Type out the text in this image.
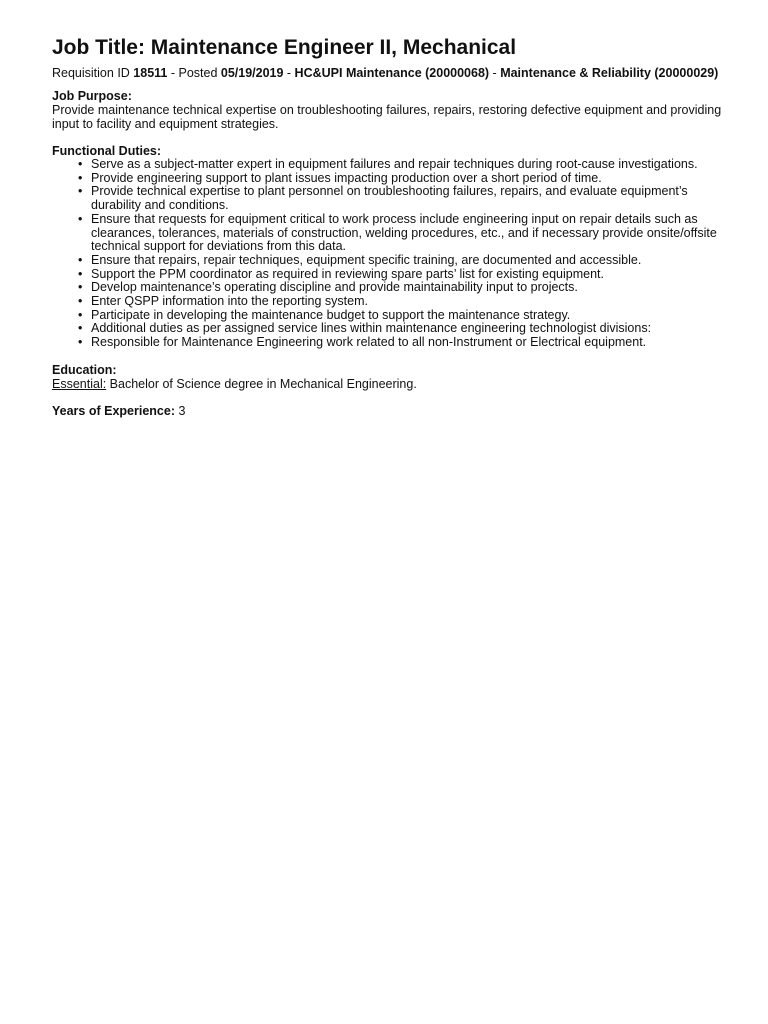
Job Title: Maintenance Engineer II, Mechanical

Requisition ID 18511 - Posted 05/19/2019 - HC&UPI Maintenance (20000068) - Maintenance & Reliability (20000029)

Job Purpose:

Provide maintenance technical expertise on troubleshooting failures, repairs, restoring defective equipment and providing input to facility and equipment strategies.

Functional Duties:

• Serve as a subject-matter expert in equipment failures and repair techniques during root-cause investigations.
• Provide engineering support to plant issues impacting production over a short period of time.
• Provide technical expertise to plant personnel on troubleshooting failures, repairs, and evaluate equipment’s durability and conditions.
• Ensure that requests for equipment critical to work process include engineering input on repair details such as clearances, tolerances, materials of construction, welding procedures, etc., and if necessary provide onsite/offsite technical support for deviations from this data.
• Ensure that repairs, repair techniques, equipment specific training, are documented and accessible.
• Support the PPM coordinator as required in reviewing spare parts’ list for existing equipment.
• Develop maintenance’s operating discipline and provide maintainability input to projects.
• Enter QSPP information into the reporting system.
• Participate in developing the maintenance budget to support the maintenance strategy.
• Additional duties as per assigned service lines within maintenance engineering technologist divisions:
• Responsible for Maintenance Engineering work related to all non-Instrument or Electrical equipment.

Education:

Essential: Bachelor of Science degree in Mechanical Engineering.

Years of Experience: 3
